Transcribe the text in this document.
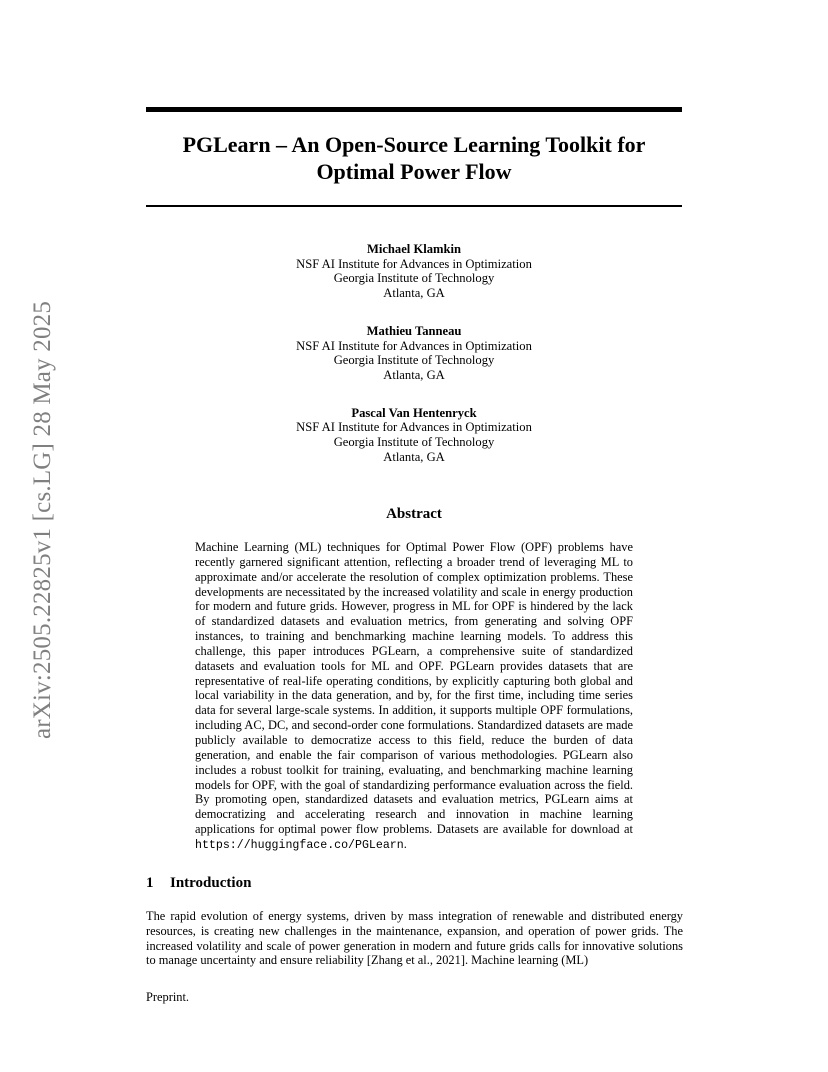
PGLearn – An Open-Source Learning Toolkit for
Optimal Power Flow
arXiv:2505.22825v1 [cs.LG] 28 May 2025
Michael Klamkin
NSF AI Institute for Advances in Optimization
Georgia Institute of Technology
Atlanta, GA
Mathieu Tanneau
NSF AI Institute for Advances in Optimization
Georgia Institute of Technology
Atlanta, GA
Pascal Van Hentenryck
NSF AI Institute for Advances in Optimization
Georgia Institute of Technology
Atlanta, GA
Abstract
Machine Learning (ML) techniques for Optimal Power Flow (OPF) problems have recently garnered significant attention, reflecting a broader trend of leveraging ML to approximate and/or accelerate the resolution of complex optimization problems. These developments are necessitated by the increased volatility and scale in energy production for modern and future grids. However, progress in ML for OPF is hindered by the lack of standardized datasets and evaluation metrics, from generating and solving OPF instances, to training and benchmarking machine learning models. To address this challenge, this paper introduces PGLearn, a comprehensive suite of standardized datasets and evaluation tools for ML and OPF. PGLearn provides datasets that are representative of real-life operating conditions, by explicitly capturing both global and local variability in the data generation, and by, for the first time, including time series data for several large-scale systems. In addition, it supports multiple OPF formulations, including AC, DC, and second-order cone formulations. Standardized datasets are made publicly available to democratize access to this field, reduce the burden of data generation, and enable the fair comparison of various methodologies. PGLearn also includes a robust toolkit for training, evaluating, and benchmarking machine learning models for OPF, with the goal of standardizing performance evaluation across the field. By promoting open, standardized datasets and evaluation metrics, PGLearn aims at democratizing and accelerating research and innovation in machine learning applications for optimal power flow problems. Datasets are available for download at https://huggingface.co/PGLearn.
1 Introduction
The rapid evolution of energy systems, driven by mass integration of renewable and distributed energy resources, is creating new challenges in the maintenance, expansion, and operation of power grids. The increased volatility and scale of power generation in modern and future grids calls for innovative solutions to manage uncertainty and ensure reliability [Zhang et al., 2021]. Machine learning (ML)
Preprint.
